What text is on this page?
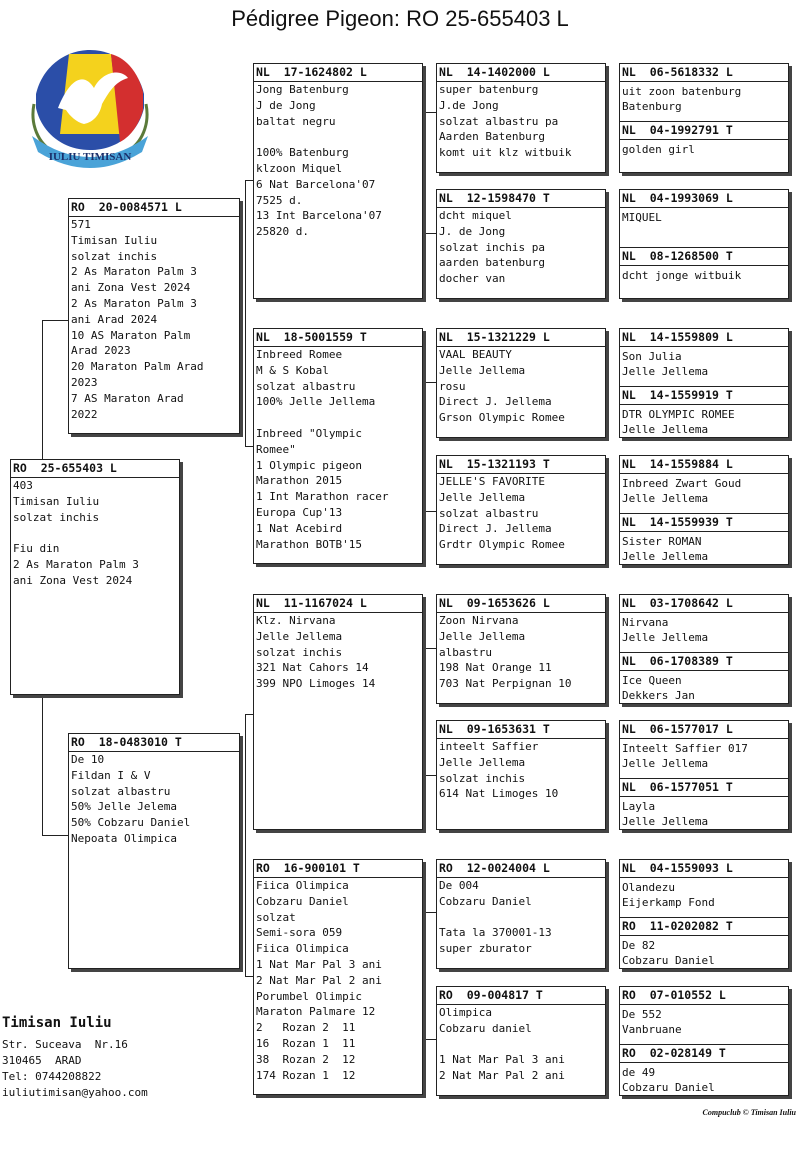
Pédigree Pigeon: RO 25-655403 L
IULIU TIMISAN
RO  25-655403 L
403
Timisan Iuliu
solzat inchis
Fiu din
2 As Maraton Palm 3
ani Zona Vest 2024
RO  20-0084571 L
571
Timisan Iuliu
solzat inchis
2 As Maraton Palm 3
ani Zona Vest 2024
2 As Maraton Palm 3
ani Arad 2024
10 AS Maraton Palm
Arad 2023
20 Maraton Palm Arad
2023
7 AS Maraton Arad
2022
RO  18-0483010 T
De 10
Fildan I & V
solzat albastru
50% Jelle Jelema
50% Cobzaru Daniel
Nepoata Olimpica
NL  17-1624802 L
Jong Batenburg
J de Jong
baltat negru
100% Batenburg
klzoon Miquel
6 Nat Barcelona'07
7525 d.
13 Int Barcelona'07
25820 d.
NL  18-5001559 T
Inbreed Romee
M & S Kobal
solzat albastru
100% Jelle Jellema
Inbreed "Olympic
Romee"
1 Olympic pigeon
Marathon 2015
1 Int Marathon racer
Europa Cup'13
1 Nat Acebird
Marathon BOTB'15
NL  11-1167024 L
Klz. Nirvana
Jelle Jellema
solzat inchis
321 Nat Cahors 14
399 NPO Limoges 14
RO  16-900101 T
Fiica Olimpica
Cobzaru Daniel
solzat
Semi-sora 059
Fiica Olimpica
1 Nat Mar Pal 3 ani
2 Nat Mar Pal 2 ani
Porumbel Olimpic
Maraton Palmare 12
2   Rozan 2  11
16  Rozan 1  11
38  Rozan 2  12
174 Rozan 1  12
NL  14-1402000 L
super batenburg
J.de Jong
solzat albastru pa
Aarden Batenburg
komt uit klz witbuik
NL  12-1598470 T
dcht miquel
J. de Jong
solzat inchis pa
aarden batenburg
docher van
NL  15-1321229 L
VAAL BEAUTY
Jelle Jellema
rosu
Direct J. Jellema
Grson Olympic Romee
NL  15-1321193 T
JELLE'S FAVORITE
Jelle Jellema
solzat albastru
Direct J. Jellema
Grdtr Olympic Romee
NL  09-1653626 L
Zoon Nirvana
Jelle Jellema
albastru
198 Nat Orange 11
703 Nat Perpignan 10
NL  09-1653631 T
inteelt Saffier
Jelle Jellema
solzat inchis
614 Nat Limoges 10
RO  12-0024004 L
De 004
Cobzaru Daniel
Tata la 370001-13
super zburator
RO  09-004817 T
Olimpica
Cobzaru daniel
1 Nat Mar Pal 3 ani
2 Nat Mar Pal 2 ani
NL  06-5618332 L
uit zoon batenburg
Batenburg
NL  04-1992791 T
golden girl
NL  04-1993069 L
MIQUEL
NL  08-1268500 T
dcht jonge witbuik
NL  14-1559809 L
Son Julia
Jelle Jellema
NL  14-1559919 T
DTR OLYMPIC ROMEE
Jelle Jellema
NL  14-1559884 L
Inbreed Zwart Goud
Jelle Jellema
NL  14-1559939 T
Sister ROMAN
Jelle Jellema
NL  03-1708642 L
Nirvana
Jelle Jellema
NL  06-1708389 T
Ice Queen
Dekkers Jan
NL  06-1577017 L
Inteelt Saffier 017
Jelle Jellema
NL  06-1577051 T
Layla
Jelle Jellema
NL  04-1559093 L
Olandezu
Eijerkamp Fond
RO  11-0202082 T
De 82
Cobzaru Daniel
RO  07-010552 L
De 552
Vanbruane
RO  02-028149 T
de 49
Cobzaru Daniel
Timisan Iuliu
Str. Suceava  Nr.16
310465  ARAD
Tel: 0744208822
iuliutimisan@yahoo.com
Compuclub © Timisan Iuliu
